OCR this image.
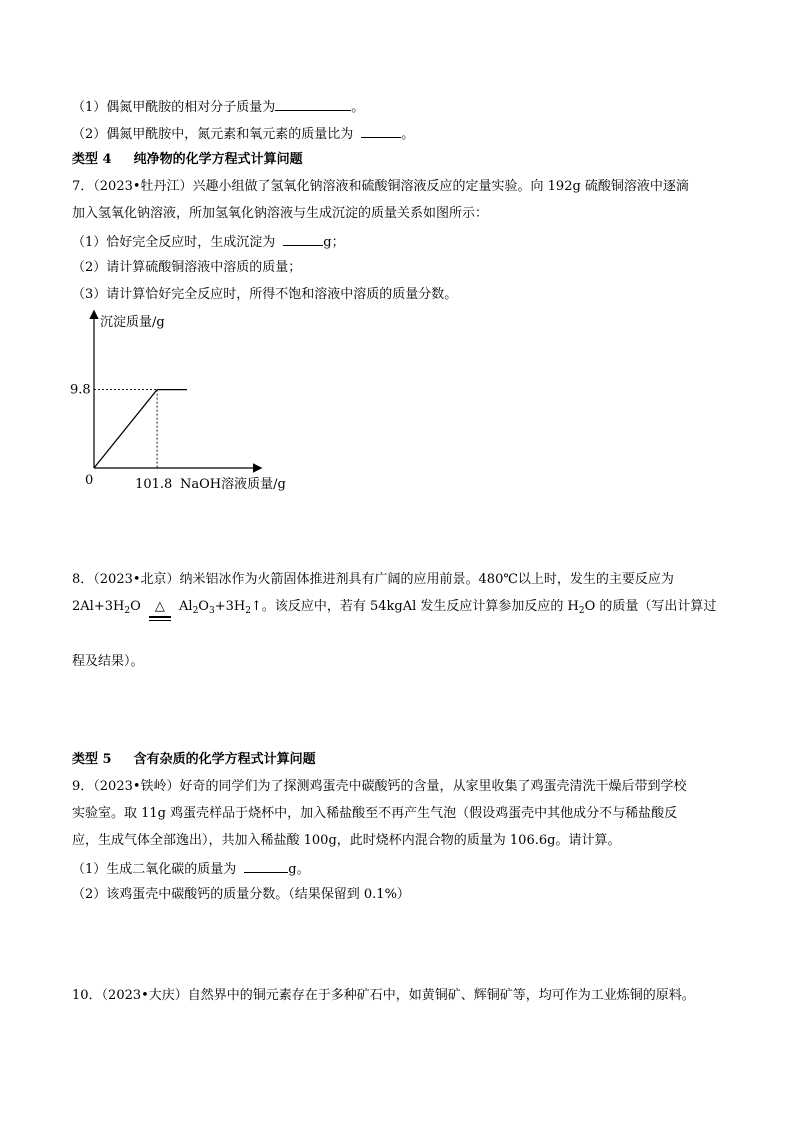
（1）偶氮甲酰胺的相对分子质量为	。
（2）偶氮甲酰胺中，氮元素和氧元素的质量比为	。
类型 4 纯净物的化学方程式计算问题
7．（2023•牡丹江）兴趣小组做了氢氧化钠溶液和硫酸铜溶液反应的定量实验。向 192g 硫酸铜溶液中逐滴
加入氢氧化钠溶液，所加氢氧化钠溶液与生成沉淀的质量关系如图所示：
（1）恰好完全反应时，生成沉淀为	g；
（2）请计算硫酸铜溶液中溶质的质量；
（3）请计算恰好完全反应时，所得不饱和溶液中溶质的质量分数。
沉淀质量/g
NaOH溶液质量/g
0	101.8
9.8
8．（2023•北京）纳米铝冰作为火箭固体推进剂具有广阔的应用前景。480℃以上时，发生的主要反应为
$2Al+3H_2O$ △ $Al_2O_3+3H_2↑$。该反应中，若有 54kgAl 发生反应计算参加反应的 $H_2O$ 的质量（写出计算过
程及结果）。
类型 5 含有杂质的化学方程式计算问题
9．（2023•铁岭）好奇的同学们为了探测鸡蛋壳中碳酸钙的含量，从家里收集了鸡蛋壳清洗干燥后带到学校
实验室。取 11g 鸡蛋壳样品于烧杯中，加入稀盐酸至不再产生气泡（假设鸡蛋壳中其他成分不与稀盐酸反
应，生成气体全部逸出），共加入稀盐酸 100g，此时烧杯内混合物的质量为 106.6g。请计算。
（1）生成二氧化碳的质量为	g。
（2）该鸡蛋壳中碳酸钙的质量分数。（结果保留到 0.1%）
10．（2023•大庆）自然界中的铜元素存在于多种矿石中，如黄铜矿、辉铜矿等，均可作为工业炼铜的原料。
